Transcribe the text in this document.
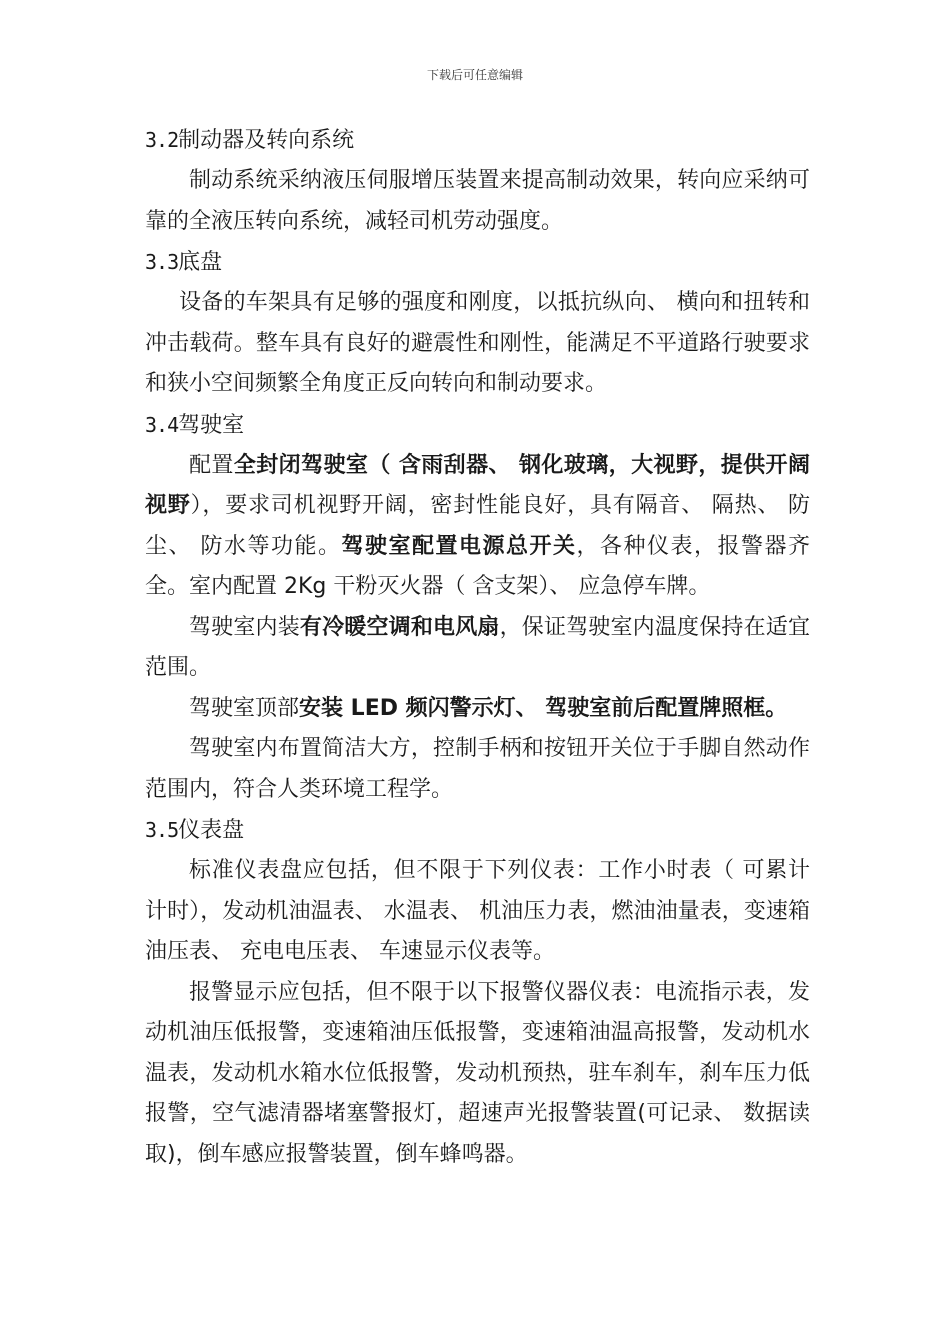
下载后可任意编辑
3.2制动器及转向系统

制动系统采纳液压伺服增压装置来提高制动效果，转向应采纳可靠的全液压转向系统，减轻司机劳动强度。

3.3底盘

设备的车架具有足够的强度和刚度，以抵抗纵向、 横向和扭转和冲击载荷。整车具有良好的避震性和刚性，能满足不平道路行驶要求和狭小空间频繁全角度正反向转向和制动要求。

3.4驾驶室

配置全封闭驾驶室（ 含雨刮器、 钢化玻璃，大视野，提供开阔视野），要求司机视野开阔，密封性能良好，具有隔音、 隔热、 防尘、 防水等功能。驾驶室配置电源总开关，各种仪表，报警器齐全。室内配置 2Kg 干粉灭火器（ 含支架）、 应急停车牌。

驾驶室内装有冷暖空调和电风扇，保证驾驶室内温度保持在适宜范围。

驾驶室顶部安装 LED 频闪警示灯、 驾驶室前后配置牌照框。

驾驶室内布置简洁大方，控制手柄和按钮开关位于手脚自然动作范围内，符合人类环境工程学。

3.5仪表盘

标准仪表盘应包括，但不限于下列仪表：工作小时表（ 可累计计时），发动机油温表、 水温表、 机油压力表，燃油油量表，变速箱油压表、 充电电压表、 车速显示仪表等。

报警显示应包括，但不限于以下报警仪器仪表：电流指示表，发动机油压低报警，变速箱油压低报警，变速箱油温高报警，发动机水温表，发动机水箱水位低报警，发动机预热，驻车刹车，刹车压力低报警，空气滤清器堵塞警报灯，超速声光报警装置(可记录、 数据读取)，倒车感应报警装置，倒车蜂鸣器。
